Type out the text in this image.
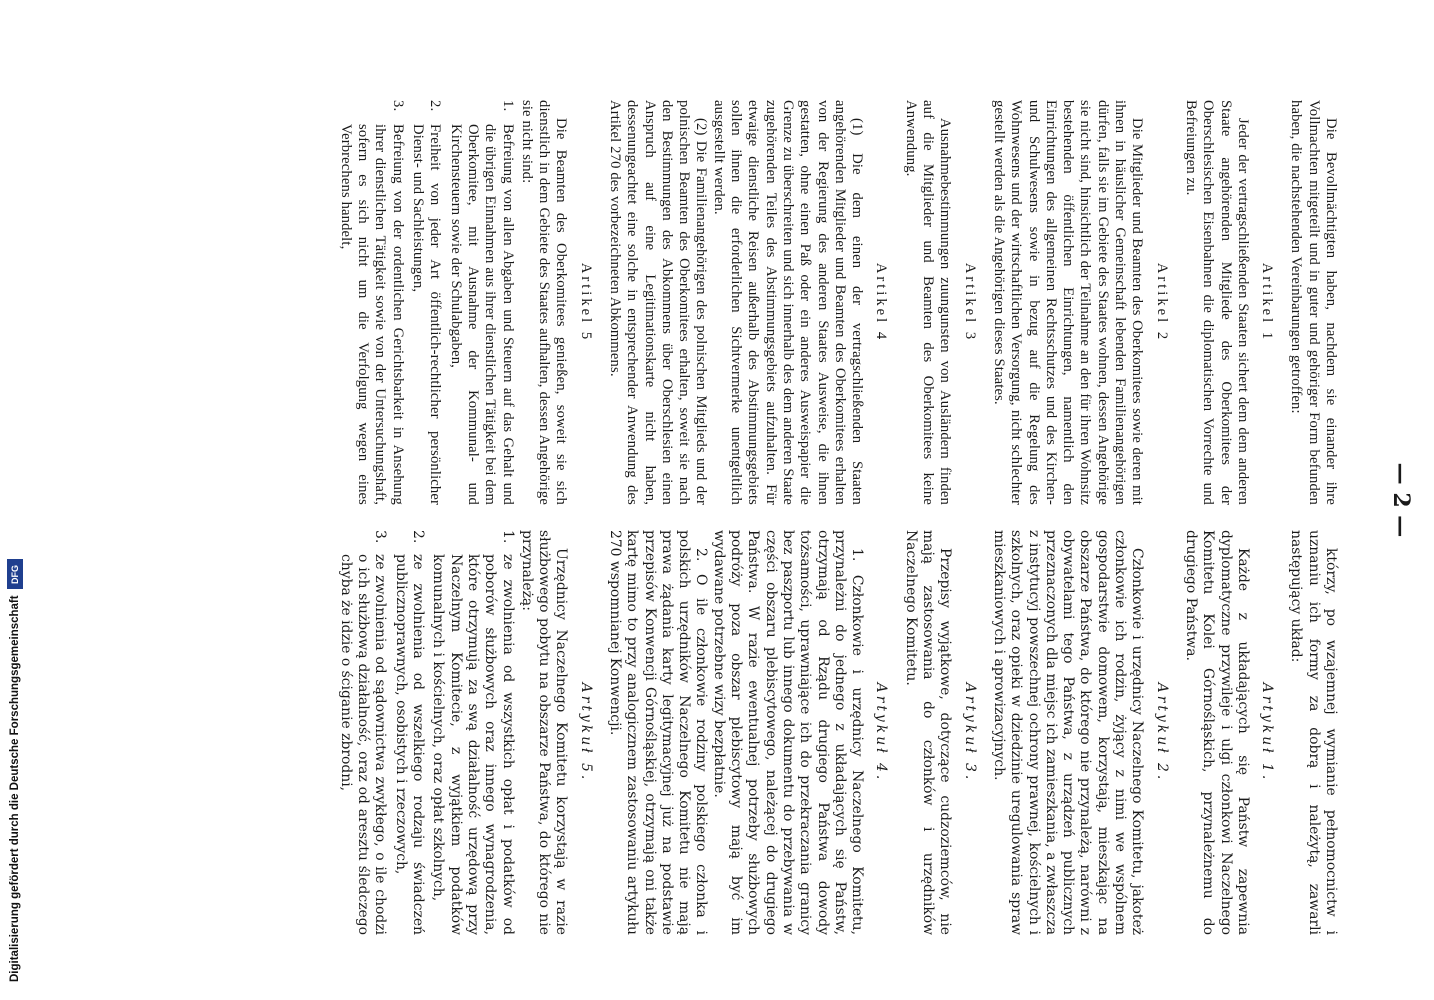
— 2 —

Die Bevollmächtigten haben, nachdem sie einander ihre Vollmachten mitgeteilt und in guter und gehöriger Form befunden haben, die nachstehenden Vereinbarungen getroffen:

Artikel 1

Jeder der vertragschließenden Staaten sichert dem dem anderen Staate angehörenden Mitgliede des Oberkomitees der Oberschlesischen Eisenbahnen die diplomatischen Vorrechte und Befreiungen zu.

Artikel 2

Die Mitglieder und Beamten des Oberkomitees sowie deren mit ihnen in häuslicher Gemeinschaft lebenden Familienangehörigen dürfen, falls sie im Gebiete des Staates wohnen, dessen Angehörige sie nicht sind, hinsichtlich der Teilnahme an den für ihren Wohnsitz bestehenden öffentlichen Einrichtungen, namentlich den Einrichtungen des allgemeinen Rechtsschutzes und des Kirchen- und Schulwesens sowie in bezug auf die Regelung des Wohnwesens und der wirtschaftlichen Versorgung, nicht schlechter gestellt werden als die Angehörigen dieses Staates.

Artikel 3

Ausnahmebestimmungen zuungunsten von Ausländern finden auf die Mitglieder und Beamten des Oberkomitees keine Anwendung.

Artikel 4

(1) Die dem einen der vertragschließenden Staaten angehörenden Mitglieder und Beamten des Oberkomitees erhalten von der Regierung des anderen Staates Ausweise, die ihnen gestatten, ohne einen Paß oder ein anderes Ausweispapier die Grenze zu überschreiten und sich innerhalb des dem anderen Staate zugehörenden Teiles des Abstimmungsgebiets aufzuhalten. Für etwaige dienstliche Reisen außerhalb des Abstimmungsgebiets sollen ihnen die erforderlichen Sichtvermerke unentgeltlich ausgestellt werden.

(2) Die Familienangehörigen des polnischen Mitglieds und der polnischen Beamten des Oberkomitees erhalten, soweit sie nach den Bestimmungen des Abkommens über Oberschlesien einen Anspruch auf eine Legitimationskarte nicht haben, dessenungeachtet eine solche in entsprechender Anwendung des Artikel 270 des vorbezeichneten Abkommens.

Artikel 5

Die Beamten des Oberkomitees genießen, soweit sie sich dienstlich in dem Gebiete des Staates aufhalten, dessen Angehörige sie nicht sind:

1.
Befreiung von allen Abgaben und Steuern auf das Gehalt und die übrigen Einnahmen aus ihrer dienstlichen Tätigkeit bei dem Oberkomitee, mit Ausnahme der Kommunal- und Kirchensteuern sowie der Schulabgaben,
2.
Freiheit von jeder Art öffentlich-rechtlicher persönlicher Dienst- und Sachleistungen,
3.
Befreiung von der ordentlichen Gerichtsbarkeit in Ansehung ihrer dienstlichen Tätigkeit sowie von der Untersuchungshaft, sofern es sich nicht um die Verfolgung wegen eines Verbrechens handelt,

którzy, po wzajemnej wymianie pełnomocnictw i uznaniu ich formy za dobrą i należytą, zawarli następujący układ:

Artykuł 1.

Każde z układających się Państw zapewnia dyplomatyczne przywileje i ulgi członkowi Naczelnego Komitetu Kolei Górnośląskich, przynależnemu do drugiego Państwa.

Artykuł 2.

Członkowie i urzędnicy Naczelnego Komitetu, jakoteż członkowie ich rodzin, żyjący z nimi we wspólnem gospodarstwie domowem, korzystają, mieszkając na obszarze Państwa, do którego nie przynależą, narówni z obywatelami tego Państwa, z urządzeń publicznych przeznaczonych dla miejsc ich zamieszkania, a zwłaszcza z instytucyj powszechnej ochrony prawnej, kościelnych i szkolnych, oraz opieki w dziedzinie uregulowania spraw mieszkaniowych i aprowizacyjnych.

Artykuł 3.

Przepisy wyjątkowe, dotyczące cudzoziemców, nie mają zastosowania do członków i urzędników Naczelnego Komitetu.

Artykuł 4.

1. Członkowie i urzędnicy Naczelnego Komitetu, przynależni do jednego z układających się Państw, otrzymają od Rządu drugiego Państwa dowody tożsamości, uprawniające ich do przekraczania granicy bez paszportu lub innego dokumentu do przebywania w części obszaru plebiscytowego, należącej do drugiego Państwa. W razie ewentualnej potrzeby służbowych podróży poza obszar plebiscytowy mają być im wydawane potrzebne wizy bezpłatnie.

2. O ile członkowie rodziny polskiego członka i polskich urzędników Naczelnego Komitetu nie mają prawa żądania karty legitymacyjnej już na podstawie przepisów Konwencji Górnośląskiej, otrzymają oni także kartę mimo to przy analogicznem zastosowaniu artykułu 270 wspomnianej Konwencji.

Artykuł 5.

Urzędnicy Naczelnego Komitetu korzystają w razie służbowego pobytu na obszarze Państwa, do którego nie przynależą:

1.
ze zwolnienia od wszystkich opłat i podatków od poborów służbowych oraz innego wynagrodzenia, które otrzymują za swą działalność urzędową przy Naczelnym Komitecie, z wyjątkiem podatków komunalnych i kościelnych, oraz opłat szkolnych,
2.
ze zwolnienia od wszelkiego rodzaju świadczeń publicznoprawnych, osobistych i rzeczowych,
3.
ze zwolnienia od sądownictwa zwykłego, o ile chodzi o ich służbową działalność, oraz od aresztu śledczego chyba że idzie o ściganie zbrodni,
Digitalisierung gefördert durch die Deutsche Forschungsgemeinschaft
DFG
